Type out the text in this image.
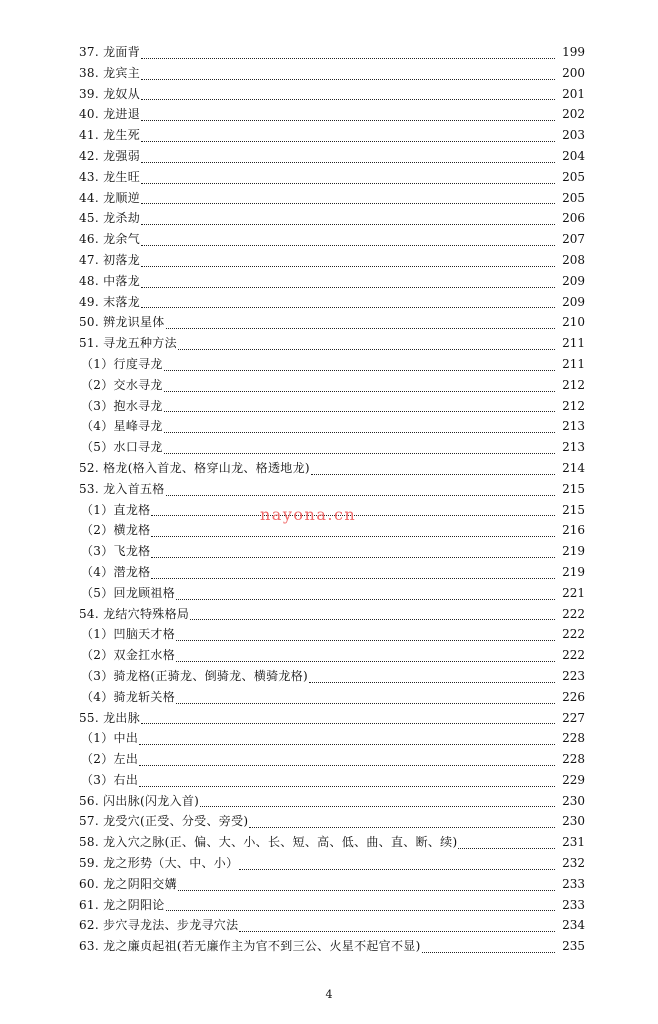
37. 龙面背	199
38. 龙宾主	200
39. 龙奴从	201
40. 龙进退	202
41. 龙生死	203
42. 龙强弱	204
43. 龙生旺	205
44. 龙顺逆	205
45. 龙杀劫	206
46. 龙余气	207
47. 初落龙	208
48. 中落龙	209
49. 末落龙	209
50. 辨龙识星体	210
51. 寻龙五种方法	211
（1）行度寻龙	211
（2）交水寻龙	212
（3）抱水寻龙	212
（4）星峰寻龙	213
（5）水口寻龙	213
52. 格龙(格入首龙、格穿山龙、格透地龙)	214
53. 龙入首五格	215
（1）直龙格	215
（2）横龙格	216
（3）飞龙格	219
（4）潜龙格	219
（5）回龙顾祖格	221
54. 龙结穴特殊格局	222
（1）凹脑天才格	222
（2）双金扛水格	222
（3）骑龙格(正骑龙、倒骑龙、横骑龙格)	223
（4）骑龙斩关格	226
55. 龙出脉	227
（1）中出	228
（2）左出	228
（3）右出	229
56. 闪出脉(闪龙入首)	230
57. 龙受穴(正受、分受、旁受)	230
58. 龙入穴之脉(正、偏、大、小、长、短、高、低、曲、直、断、续)	231
59. 龙之形势（大、中、小）	232
60. 龙之阴阳交媾	233
61. 龙之阴阳论	233
62. 步穴寻龙法、步龙寻穴法	234
63. 龙之廉贞起祖(若无廉作主为官不到三公、火星不起官不显)	235
nayona.cn
4
